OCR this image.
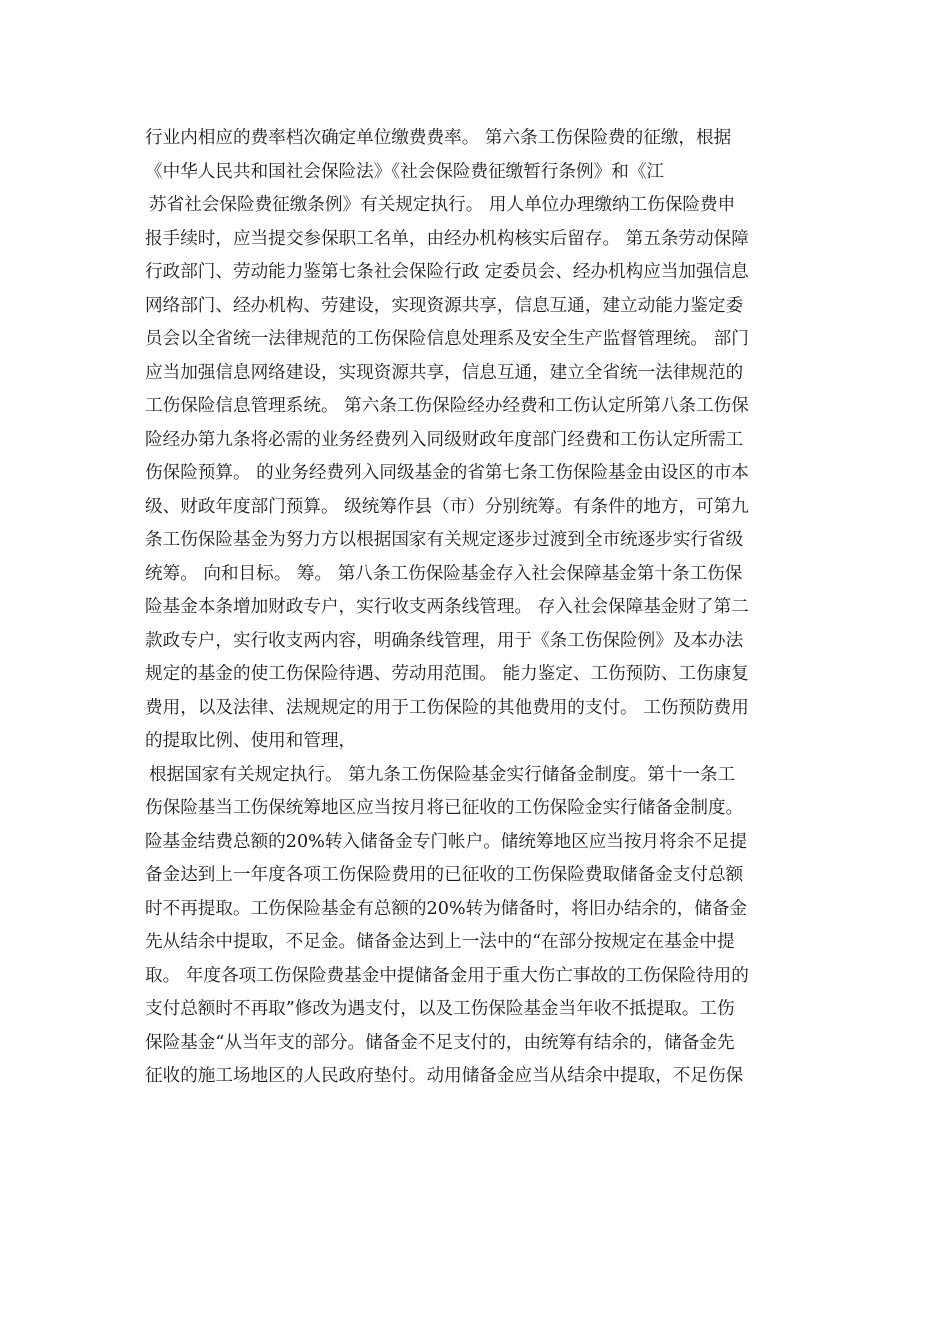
行业内相应的费率档次确定单位缴费费率。 第六条工伤保险费的征缴，根据
《中华人民共和国社会保险法》《社会保险费征缴暂行条例》和《江
苏省社会保险费征缴条例》有关规定执行。 用人单位办理缴纳工伤保险费申
报手续时，应当提交参保职工名单，由经办机构核实后留存。 第五条劳动保障
行政部门、劳动能力鉴第七条社会保险行政 定委员会、经办机构应当加强信息
网络部门、经办机构、劳建设，实现资源共享，信息互通，建立动能力鉴定委
员会以全省统一法律规范的工伤保险信息处理系及安全生产监督管理统。 部门
应当加强信息网络建设，实现资源共享，信息互通，建立全省统一法律规范的
工伤保险信息管理系统。 第六条工伤保险经办经费和工伤认定所第八条工伤保
险经办第九条将必需的业务经费列入同级财政年度部门经费和工伤认定所需工
伤保险预算。 的业务经费列入同级基金的省第七条工伤保险基金由设区的市本
级、财政年度部门预算。 级统筹作县（市）分别统筹。有条件的地方，可第九
条工伤保险基金为努力方以根据国家有关规定逐步过渡到全市统逐步实行省级
统筹。 向和目标。 筹。 第八条工伤保险基金存入社会保障基金第十条工伤保
险基金本条增加财政专户，实行收支两条线管理。 存入社会保障基金财了第二
款政专户，实行收支两内容，明确条线管理，用于《条工伤保险例》及本办法
规定的基金的使工伤保险待遇、劳动用范围。 能力鉴定、工伤预防、工伤康复
费用，以及法律、法规规定的用于工伤保险的其他费用的支付。 工伤预防费用
的提取比例、使用和管理，
根据国家有关规定执行。 第九条工伤保险基金实行储备金制度。第十一条工
伤保险基当工伤保统筹地区应当按月将已征收的工伤保险金实行储备金制度。
险基金结费总额的20%转入储备金专门帐户。储统筹地区应当按月将余不足提
备金达到上一年度各项工伤保险费用的已征收的工伤保险费取储备金支付总额
时不再提取。工伤保险基金有总额的20%转为储备时，将旧办结余的，储备金
先从结余中提取，不足金。储备金达到上一法中的“在部分按规定在基金中提
取。 年度各项工伤保险费基金中提储备金用于重大伤亡事故的工伤保险待用的
支付总额时不再取”修改为遇支付，以及工伤保险基金当年收不抵提取。工伤
保险基金“从当年支的部分。储备金不足支付的，由统筹有结余的，储备金先
征收的施工场地区的人民政府垫付。动用储备金应当从结余中提取，不足伤保
